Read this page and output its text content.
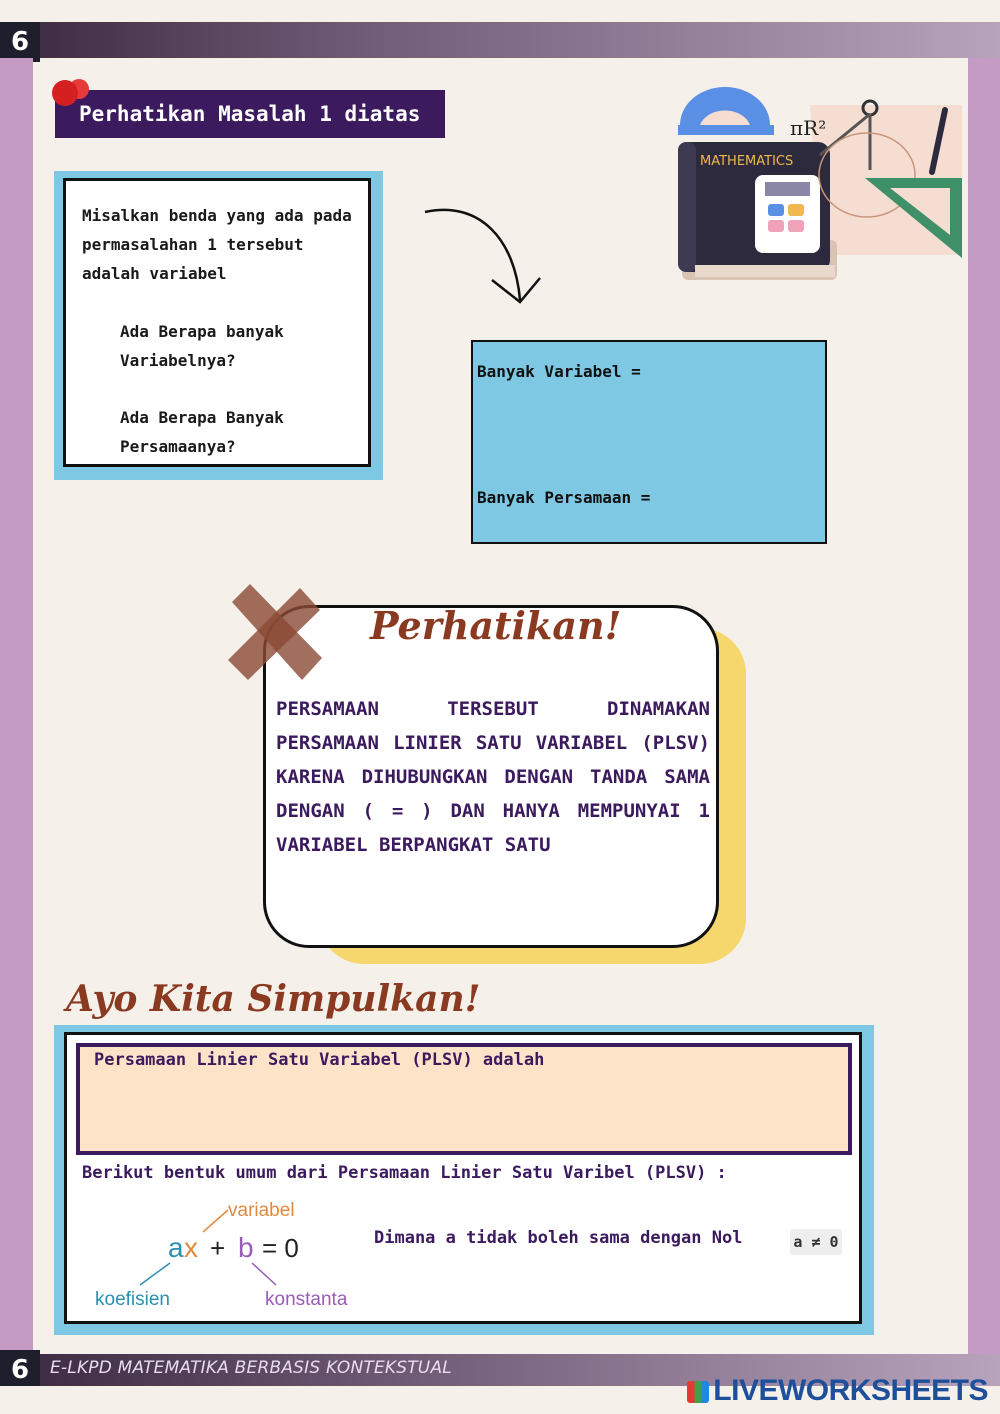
6
Perhatikan Masalah 1 diatas
Misalkan benda yang ada pada permasalahan 1 tersebut adalah variabel
Ada Berapa banyak Variabelnya?
Ada Berapa Banyak Persamaanya?
Banyak Variabel =
Banyak Persamaan =
MATHEMATICS
πR²
Perhatikan!
PERSAMAAN TERSEBUT DINAMAKAN PERSAMAAN LINIER SATU VARIABEL (PLSV) KARENA DIHUBUNGKAN DENGAN TANDA SAMA DENGAN ( = ) DAN HANYA MEMPUNYAI 1 VARIABEL BERPANGKAT SATU
Ayo Kita Simpulkan!
Persamaan Linier Satu Variabel (PLSV) adalah
Berikut bentuk umum dari Persamaan Linier Satu Varibel (PLSV) :
variabel
a x + b = 0
koefisien	konstanta
Dimana a tidak boleh sama dengan Nol	a ≠ 0
6	E-LKPD MATEMATIKA BERBASIS KONTEKSTUAL
LIVEWORKSHEETS
